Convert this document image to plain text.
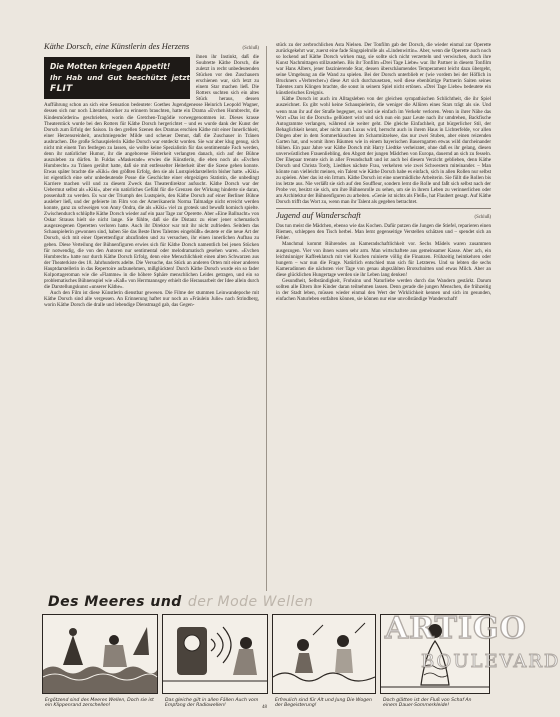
Käthe Dorsch, eine Künstlerin des Herzens	(Schluß)

Die Motten kriegen Appetit!
Ihr Hab und Gut beschützt jetzt FLIT
ihnen ihr Instinkt, daß die Soubrette Käthe Dorsch, die zuletzt in recht unbedeutenden Stücken vor den Zuschauern erschienen war, sich letzt zu einem Star machen ließ. Die Rotters suchten sich ein altes Stück heraus, dessen Aufführung schon an sich eine Sensation bedeutete: Goethes Jugendgeneose Heinrich Leopold Wagner, dessen sich nur noch Literarhistoriker zu erinnern brauchten, hatte ein Drama »Evchen Humbrecht, die Kindesmörderin« geschrieben, worin die Gretchen-Tragödie vorweggenommen ist. Dieses krasse Theaterstück wurde bei den Rotters für Käthe Dorsch hergerichtet – und es wurde dank der Kunst der Dorsch zum Erfolg der Saison. In den grellen Szenen des Dramas erschien Käthe mit einer Innerlichkeit, einer Herzensreinheit, anschmiegender Milde und scheuer Demut, daß die Zuschauer in Tränen ausbrachen. Die große Schauspielerin Käthe Dorsch war entdeckt worden. Sie war aber klug genug, sich nicht mit einem Ton festlegen zu lassen, sie wollte keine Spezialistin für das sentimentale Fach werden, denn ihr natürlicher Humor, ihr die angeborene Heiterkeit verlangten danach, sich auf der Bühne auszuleben zu dürfen. In Fuldas »Maskerade« erwies die Künstlerin, die eben noch als »Evchen Humbrecht« zu Tränen gerührt hatte, daß sie mit entfesselter Heiterkeit über die Szene gehen konnte. Etwas später brachte die »Kiki« den größten Erfolg, den sie als Lustspieldarstellerin bisher hatte. »Kiki« ist eigentlich eine sehr unbedeutende Posse die Geschichte einer ehrgeizigen Statistin, die unbedingt Karriere machen will und zu diesem Zweck das Theaterdirektor aufsucht. Käthe Dorsch war der Uebermut selbst als »Kiki«, aber ein natürliches Gefühl für die Grenzen der Wirkung hinderte sie daran, possenhaft zu werden. Es war der Triumph des Lustspiels, den Käthe Dorsch auf einer Berliner Bühne auslebeт ließ, und der gefeierte im Film von der Amerikanerin Norma Talmadge nicht erreicht werden konnte, ganz zu schweigen von Anny Ondra, die als »Kiki« viel zu grotesk und bewußt komisch spielte. Zwischendurch schlüpfte Käthe Dorsch wieder auf ein paar Tage zur Operette. Aber »Eine Ballnacht« von Oskar Strauss hielt sie nicht lange. Sie fühlte, daß sie die Distanz zu einer jener schematisch ausgezeogenen Operetten verloren hatte. Auch ihr Direktor war mit ihr nicht zufrieden. Seitdem das Schauspielerin gewonnen sind, haben Sie das Beste Ihres Talentes eingebüßt« deutete er die neue Art der Dorsch, sich mit einer Operettenfigur abzufinden und zu versuchen, ihr einen innerlichen Aufbau zu geben. Diese Verteilung der Bühnenfiguren erwies sich für Käthe Dorsch namentlich bei jenen Stücken für notwendig, die von den Autoren nur sentimental oder melodramatisch gesehen waren. »Evchen Humbrecht« hatte nur durch Käthe Dorsch Erfolg, denn eine Menschlichkeit einen alten Schwarzen aus der Theaterkiste des 18. Jahrhunderts adelte. Die Versuche, das Stück an anderen Orten mit einer anderen Hauptdarstellerin in das Repertoire aufzunehmen, mißglückten! Durch Käthe Dorsch wurde ein so fader Kolportageroman wie die »Flamme« in die höhere Sphäre menschlichen Leides getragen, und ein so problematisches Bühnenspiel wie »Kaß« von Herrmannsgey erhielt die Herausarbeit der Idee allein durch die Darstellungskunst »unserer Käthe«.

Auch den Film ist diese Künstlerin dienstbar gewesen. Die Filme der stummen Leinwandepoche mit Käthe Dorsch sind alle vergessen. An Erinnerung haftet nur noch an »Fräulein Julie« nach Strindberg, worin Käthe Dorsch die dralle und lebendige Dienstmagd gab, das Gegen-

stück zu der zerbrochlichen Asta Nielsen. Der Tonfilm gab der Dorsch, die wieder einmal zur Operette zurückgekehrt war, zuerst eine fade Singspielrolle als »Lindenwirtin«. Aber, wenn die Operette auch noch so lockend auf Käthe Dorsch wirken mag, sie sollte sich nicht verzetteln und verwischen, durch ihre Kunst Nachmittagen stillzustehen. Bis ihr Tonfilm »Drei Tage Liebe« war. Ihr Partner in diesem Tonfilm war Hans Albers, jener faszinierende Star, dessen überschäumendes Temperament leicht dazu übergeht, seine Umgebung an die Wand zu spielen. Bei der Dorsch unterblieb er (wie vordem bei der Höflich in Bruckners »Verbrecher«) diese Art sich durchzusetzen, weil diese ebenbürtige Partnerin Saiten seines Talentes zum Klingen brachte, die sonst in seinem Spiel nicht ertönen. »Drei Tage Liebe« bedeutete ein künstlerisches Ereignis.

Käthe Dorsch ist auch im Alltagsleben von der gleichen sympathischen Schlichtheit, die ihr Spiel auszeichnet. Es gibt wohl keine Schauspielerin, die weniger die Allüren eines Stars trägt als sie. Und wenn man ihr auf der Straße begegnet, so wird sie einfach im Verkehr verloren. Wenn in ihrer Nähe das Wort »Das ist die Dorsch« gellüstert wird und sich nun ein paar Leute nach ihr umdrehen, Backfische Autogramme verlangen, während sie weiter geht. Die gleiche Einfachheit, gut bürgerlicher Stil, der Behaglichkeit kennt, aber nicht zum Luxus wird, herrscht auch in ihrem Haus in Lichterfelde, vor allen Dingen aber in dem Sommerhäuschen im Scharmützelsee, das nur zwei Stuben, aber einen reizenden Garten hat, und womit ihren Bäumen wie in einem bayerischen Bauerngarten etwas wild durcheinander blühen. Ein paar Jahre war Käthe Dorsch mit Harry Liedtke verheiratet, ohne daß es ihr gelang, diesen unverwüstlichen Frauenliebling, den Abgott der jungen Mädchen von Europa, dauernd an sich zu fesseln. Der Ehepaar trennte sich in aller Freundschaft und ist auch bei diesem Verzicht geblieben, denn Käthe Dorsch und Christa Tordy, Liedtkes nächste Frau, verkehren wie zwei Schwestern miteinander. – Man könnte nun vielleicht meinen, ein Talent wie Käthe Dorsch habe es einfach, sich in allen Rollen nur selbst zu spielen. Aber das ist ein Irrtum. Käthe Dorsch ist eine unermüdliche Arbeiterin. Sie füllt die Rollen bis ins letzte aus. Nie verläßt sie sich auf den Souffleur, sondern lernt die Rolle und faßt sich selbst nach der Probe vor, besitzt sie sich, um ihre Bühnenrolle zu sehen, um sie in ihrem Leben zu verinnerlichen oder am Architektur der Bühnenfiguren zu arbeiten. »Genie ist nichts als Fleiß«, hat Flaubert gesagt. Auf Käthe Dorsch trifft das Wort zu, wenn man ihr Talent als gegeben betrachtet.

Jugend auf Wanderschaft	(Schluß)

Das tun meist die Mädchen, ebenso wie das Kochen. Dafür putzen die Jungen die Stiefel, reparieren einen Riemen, schleppen den Tisch herbei. Man lernt gegenseitige Verstellen schätzen und – spendet sich an Fehler.

Manchmal kommt Rührendes an Kameradschaftlichkeit vor. Sechs Mädels waren zusammen ausgezogen. Vier von ihnen waren sehr arm. Man wirtschaftete aus gemeinsamer Kasse. Aber ach, ein leichtsinniger Kaffeeklatsch mit viel Kuchen ruinierte völlig die Finanzen. Frühzeitig heimkehren oder hungern – war nun die Frage. Natürlich entschied man sich für Letzteres. Und so lebten die sechs Kameradinnen die nächsten vier Tage von genau abgezählten Brotschnitten und etwas Milch. Aber an diese glücklichen Hungertage werden sie ihr Leben lang denken!

Gesundheit, Selbständigkeit, Frohsinn und Naturliebe werden durch das Wandern gestärkt. Darum sollten alle Eltern ihre Kinder daran teilnehmen lassen. Denn gerade die jungen Menschen, die frühzeitig in der Stadt leben, müssen wieder einmal den Wert der Wirklichkeit kennen und sich im gesunden, einfachen Naturleben entfalten können, sie können nur eine unvollständige Wanderschaft!

Des Meeres und der Mode Wellen
Ergötzend sind des Meeres Wellen, Doch sie ist ein Klippenrand zerschellen!
Das gleiche gilt in allen Fällen Auch vom Empfang der Radiowellen!
Erfreulich sind für Alt und Jung Die Wogen der Begeisterung!
Doch glätten ist der Fluß von Schaf An einem Dauer-Sommerkleide!
48
ARTIGO
BOULEVARD
